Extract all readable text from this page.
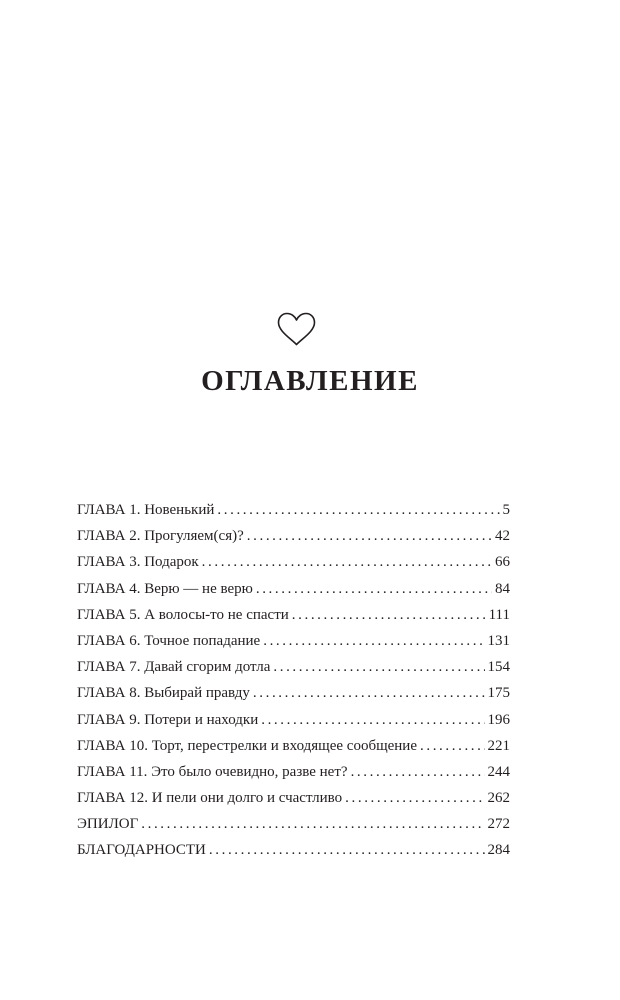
ОГЛАВЛЕНИЕ
ГЛАВА 1. Новенький .....	5
ГЛАВА 2. Прогуляем(ся)? .....	42
ГЛАВА 3. Подарок .....	66
ГЛАВА 4. Верю — не верю .....	84
ГЛАВА 5. А волосы-то не спасти .....	111
ГЛАВА 6. Точное попадание .....	131
ГЛАВА 7. Давай сгорим дотла .....	154
ГЛАВА 8. Выбирай правду .....	175
ГЛАВА 9. Потери и находки .....	196
ГЛАВА 10. Торт, перестрелки и входящее сообщение .....	221
ГЛАВА 11. Это было очевидно, разве нет? .....	244
ГЛАВА 12. И пели они долго и счастливо .....	262
ЭПИЛОГ .....	272
БЛАГОДАРНОСТИ .....	284
